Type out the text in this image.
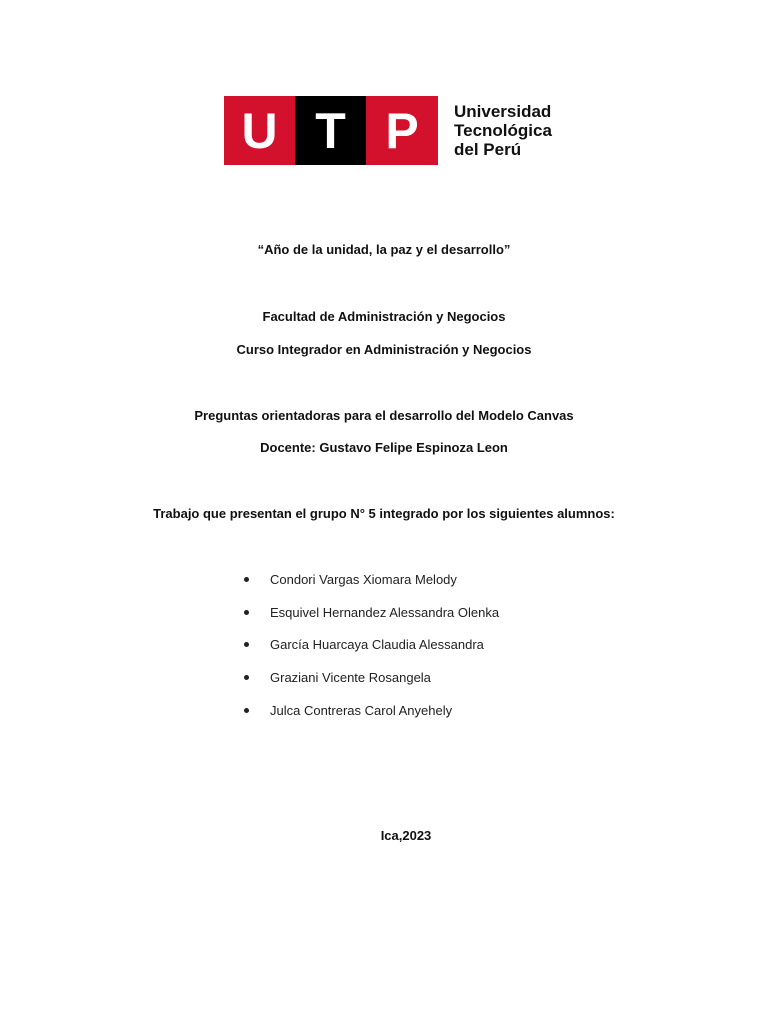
U T P Universidad
Tecnológica
del Perú
“Año de la unidad, la paz y el desarrollo”
Facultad de Administración y Negocios
Curso Integrador en Administración y Negocios
Preguntas orientadoras para el desarrollo del Modelo Canvas
Docente: Gustavo Felipe Espinoza Leon
Trabajo que presentan el grupo N° 5 integrado por los siguientes alumnos:
Condori Vargas Xiomara Melody
Esquivel Hernandez Alessandra Olenka
García Huarcaya Claudia Alessandra
Graziani Vicente Rosangela
Julca Contreras Carol Anyehely
Ica,2023
